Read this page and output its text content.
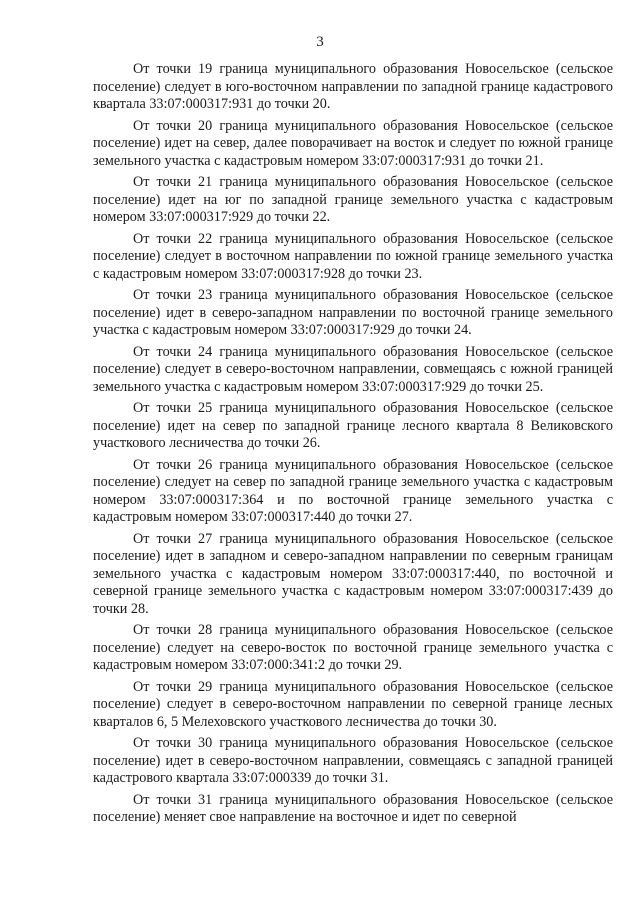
3

От точки 19 граница муниципального образования Новосельское (сельское поселение) следует в юго-восточном направлении по западной границе кадастрового квартала 33:07:000317:931 до точки 20.

От точки 20 граница муниципального образования Новосельское (сельское поселение) идет на север, далее поворачивает на восток и следует по южной границе земельного участка с кадастровым номером 33:07:000317:931 до точки 21.

От точки 21 граница муниципального образования Новосельское (сельское поселение) идет на юг по западной границе земельного участка с кадастровым номером 33:07:000317:929 до точки 22.

От точки 22 граница муниципального образования Новосельское (сельское поселение) следует в восточном направлении по южной границе земельного участка с кадастровым номером 33:07:000317:928 до точки 23.

От точки 23 граница муниципального образования Новосельское (сельское поселение) идет в северо-западном направлении по восточной границе земельного участка с кадастровым номером 33:07:000317:929 до точки 24.

От точки 24 граница муниципального образования Новосельское (сельское поселение) следует в северо-восточном направлении, совмещаясь с южной границей земельного участка с кадастровым номером 33:07:000317:929 до точки 25.

От точки 25 граница муниципального образования Новосельское (сельское поселение) идет на север по западной границе лесного квартала 8 Великовского участкового лесничества до точки 26.

От точки 26 граница муниципального образования Новосельское (сельское поселение) следует на север по западной границе земельного участка с кадастровым номером 33:07:000317:364 и по восточной границе земельного участка с кадастровым номером 33:07:000317:440 до точки 27.

От точки 27 граница муниципального образования Новосельское (сельское поселение) идет в западном и северо-западном направлении по северным границам земельного участка с кадастровым номером 33:07:000317:440, по восточной и северной границе земельного участка с кадастровым номером 33:07:000317:439 до точки 28.

От точки 28 граница муниципального образования Новосельское (сельское поселение) следует на северо-восток по восточной границе земельного участка с кадастровым номером 33:07:000:341:2 до точки 29.

От точки 29 граница муниципального образования Новосельское (сельское поселение) следует в северо-восточном направлении по северной границе лесных кварталов 6, 5 Мелеховского участкового лесничества до точки 30.

От точки 30 граница муниципального образования Новосельское (сельское поселение) идет в северо-восточном направлении, совмещаясь с западной границей кадастрового квартала 33:07:000339 до точки 31.

От точки 31 граница муниципального образования Новосельское (сельское поселение) меняет свое направление на восточное и идет по северной
